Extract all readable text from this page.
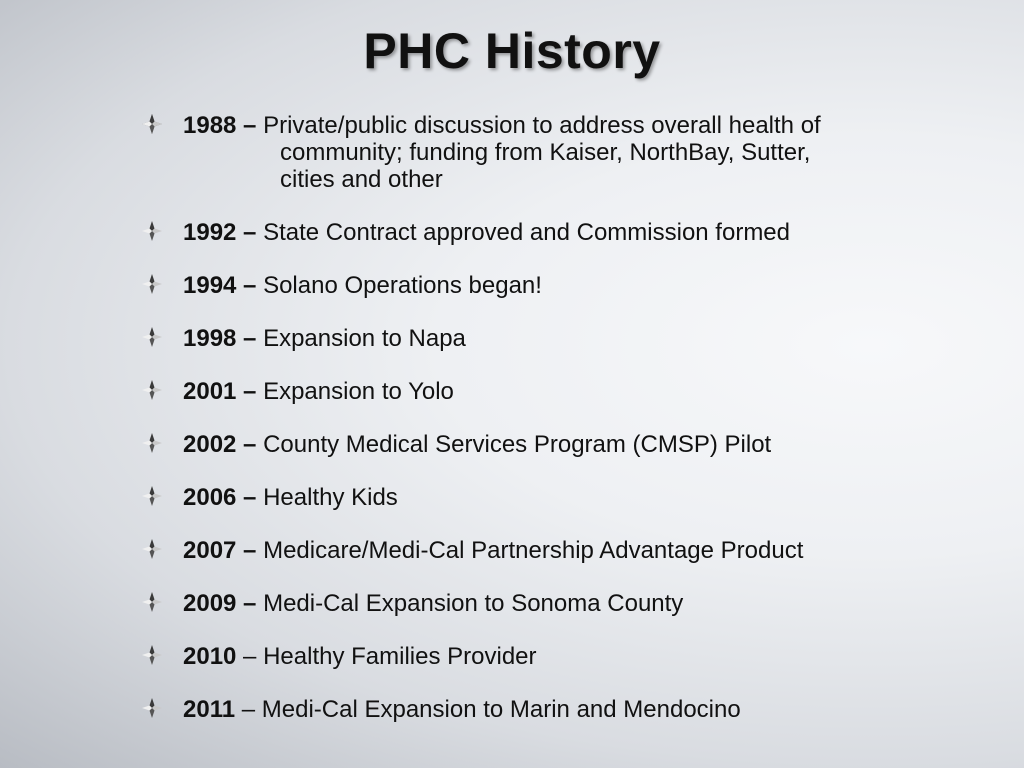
PHC History
1988 – Private/public discussion to address overall health of
community; funding from Kaiser, NorthBay, Sutter,
cities and other
1992 – State Contract approved and Commission formed
1994 – Solano Operations began!
1998 – Expansion to Napa
2001 – Expansion to Yolo
2002 – County Medical Services Program (CMSP) Pilot
2006 – Healthy Kids
2007 – Medicare/Medi-Cal Partnership Advantage Product
2009 – Medi-Cal Expansion to Sonoma County
2010 – Healthy Families Provider
2011 – Medi-Cal Expansion to Marin and Mendocino
